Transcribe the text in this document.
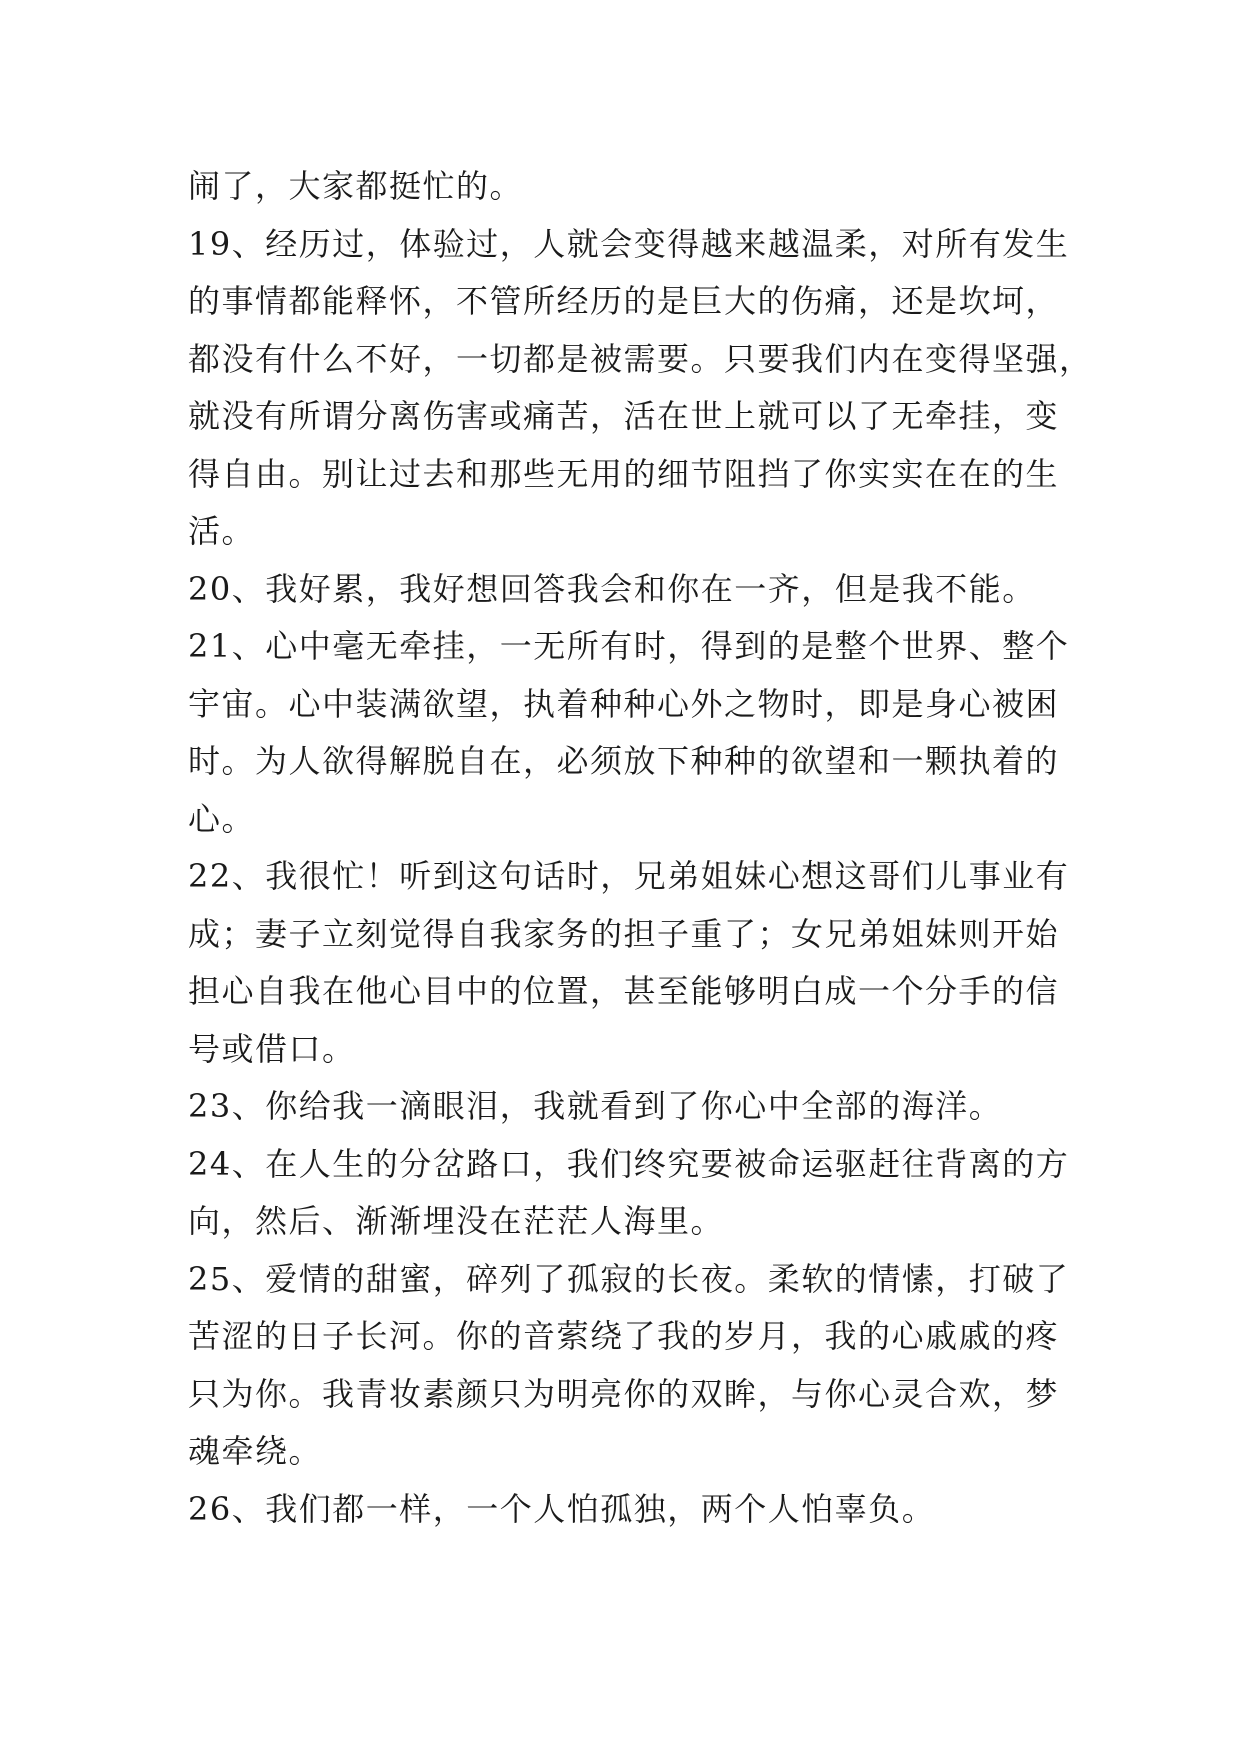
闹了，大家都挺忙的。
19、经历过，体验过，人就会变得越来越温柔，对所有发生
的事情都能释怀，不管所经历的是巨大的伤痛，还是坎坷，
都没有什么不好，一切都是被需要。只要我们内在变得坚强，
就没有所谓分离伤害或痛苦，活在世上就可以了无牵挂，变
得自由。别让过去和那些无用的细节阻挡了你实实在在的生
活。
20、我好累，我好想回答我会和你在一齐，但是我不能。
21、心中毫无牵挂，一无所有时，得到的是整个世界、整个
宇宙。心中装满欲望，执着种种心外之物时，即是身心被困
时。为人欲得解脱自在，必须放下种种的欲望和一颗执着的
心。
22、我很忙！听到这句话时，兄弟姐妹心想这哥们儿事业有
成；妻子立刻觉得自我家务的担子重了；女兄弟姐妹则开始
担心自我在他心目中的位置，甚至能够明白成一个分手的信
号或借口。
23、你给我一滴眼泪，我就看到了你心中全部的海洋。
24、在人生的分岔路口，我们终究要被命运驱赶往背离的方
向，然后、渐渐埋没在茫茫人海里。
25、爱情的甜蜜，碎列了孤寂的长夜。柔软的情愫，打破了
苦涩的日子长河。你的音萦绕了我的岁月，我的心戚戚的疼
只为你。我青妆素颜只为明亮你的双眸，与你心灵合欢，梦
魂牵绕。
26、我们都一样，一个人怕孤独，两个人怕辜负。
